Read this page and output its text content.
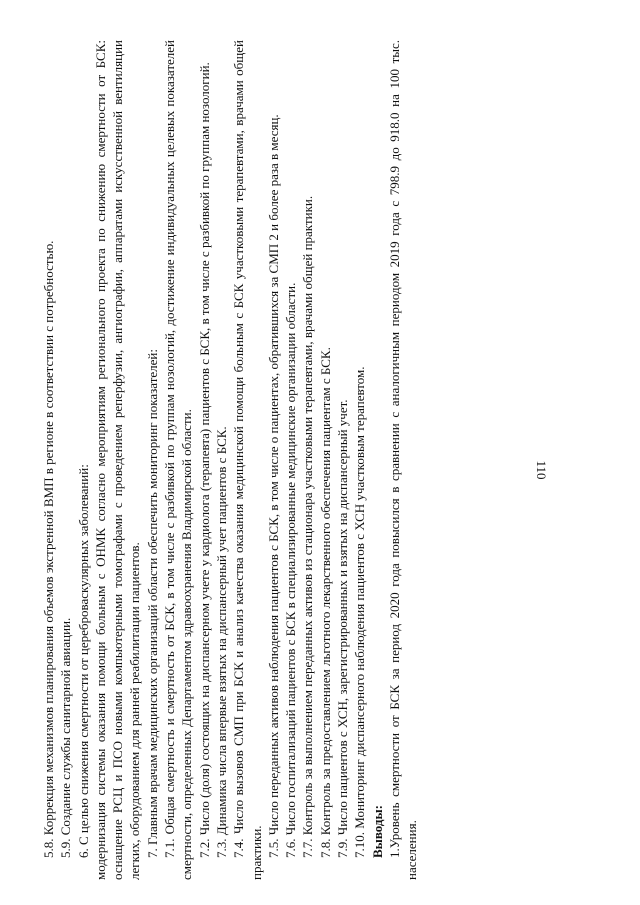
110

5.8. Коррекция механизмов планирования объемов экстренной ВМП в регионе в соответствии с потребностью. 5.9. Создание службы санитарной авиации. 6. С целью снижения смертности от цереброваскулярных заболеваний: модернизация системы оказания помощи больным с ОНМК согласно мероприятиям регионального проекта по снижению смертности от БСК: оснащение РСЦ и ПСО новыми компьютерными томографами с проведением реперфузии, ангиографии, аппаратами искусственной вентиляции легких, оборудованием для ранней реабилитации пациентов. 7. Главным врачам медицинских организаций области обеспечить мониторинг показателей: 7.1. Общая смертность и смертность от БСК, в том числе с разбивкой по группам нозологий, достижение индивидуальных целевых показателей смертности, определенных Департаментом здравоохранения Владимирской области. 7.2. Число (доля) состоящих на диспансерном учете у кардиолога (терапевта) пациентов с БСК, в том числе с разбивкой по группам нозологий. 7.3. Динамика числа впервые взятых на диспансерный учет пациентов с БСК. 7.4. Число вызовов СМП при БСК и анализ качества оказания медицинской помощи больным с БСК участковыми терапевтами, врачами общей практики. 7.5. Число переданных активов наблюдения пациентов с БСК, в том числе о пациентах, обратившихся за СМП 2 и более раза в месяц. 7.6. Число госпитализаций пациентов с БСК в специализированные медицинские организации области. 7.7. Контроль за выполнением переданных активов из стационара участковыми терапевтами, врачами общей практики. 7.8. Контроль за предоставлением льготного лекарственного обеспечения пациентам с БСК. 7.9. Число пациентов с ХСН, зарегистрированных и взятых на диспансерный учет. 7.10. Мониторинг диспансерного наблюдения пациентов с ХСН участковым терапевтом. Выводы: 1.Уровень смертности от БСК за период 2020 года повысился в сравнении с аналогичным периодом 2019 года с 798.9 до 918.0 на 100 тыс. населения.
